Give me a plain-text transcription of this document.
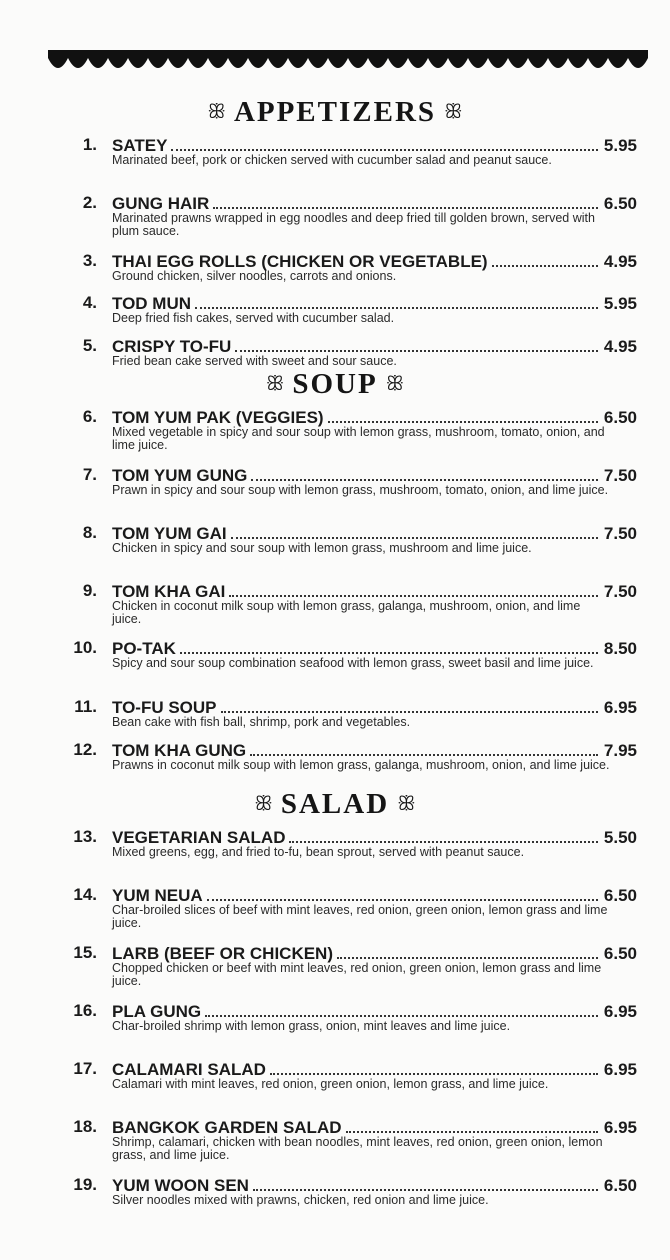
ꕥ APPETIZERS ꕥ
ꕥ SOUP ꕥ
ꕥ SALAD ꕥ
1. SATEY	5.95
Marinated beef, pork or chicken served with cucumber salad and peanut sauce.
2. GUNG HAIR	6.50
Marinated prawns wrapped in egg noodles and deep fried till golden brown, served with plum sauce.
3. THAI EGG ROLLS (CHICKEN OR VEGETABLE)	4.95
Ground chicken, silver noodles, carrots and onions.
4. TOD MUN	5.95
Deep fried fish cakes, served with cucumber salad.
5. CRISPY TO-FU	4.95
Fried bean cake served with sweet and sour sauce.
6. TOM YUM PAK (VEGGIES)	6.50
Mixed vegetable in spicy and sour soup with lemon grass, mushroom, tomato, onion, and lime juice.
7. TOM YUM GUNG	7.50
Prawn in spicy and sour soup with lemon grass, mushroom, tomato, onion, and lime juice.
8. TOM YUM GAI	7.50
Chicken in spicy and sour soup with lemon grass, mushroom and lime juice.
9. TOM KHA GAI	7.50
Chicken in coconut milk soup with lemon grass, galanga, mushroom, onion, and lime juice.
10. PO-TAK	8.50
Spicy and sour soup combination seafood with lemon grass, sweet basil and lime juice.
11. TO-FU SOUP	6.95
Bean cake with fish ball, shrimp, pork and vegetables.
12. TOM KHA GUNG	7.95
Prawns in coconut milk soup with lemon grass, galanga, mushroom, onion, and lime juice.
13. VEGETARIAN SALAD	5.50
Mixed greens, egg, and fried to-fu, bean sprout, served with peanut sauce.
14. YUM NEUA	6.50
Char-broiled slices of beef with mint leaves, red onion, green onion, lemon grass and lime juice.
15. LARB (BEEF OR CHICKEN)	6.50
Chopped chicken or beef with mint leaves, red onion, green onion, lemon grass and lime juice.
16. PLA GUNG	6.95
Char-broiled shrimp with lemon grass, onion, mint leaves and lime juice.
17. CALAMARI SALAD	6.95
Calamari with mint leaves, red onion, green onion, lemon grass, and lime juice.
18. BANGKOK GARDEN SALAD	6.95
Shrimp, calamari, chicken with bean noodles, mint leaves, red onion, green onion, lemon grass, and lime juice.
19. YUM WOON SEN	6.50
Silver noodles mixed with prawns, chicken, red onion and lime juice.
